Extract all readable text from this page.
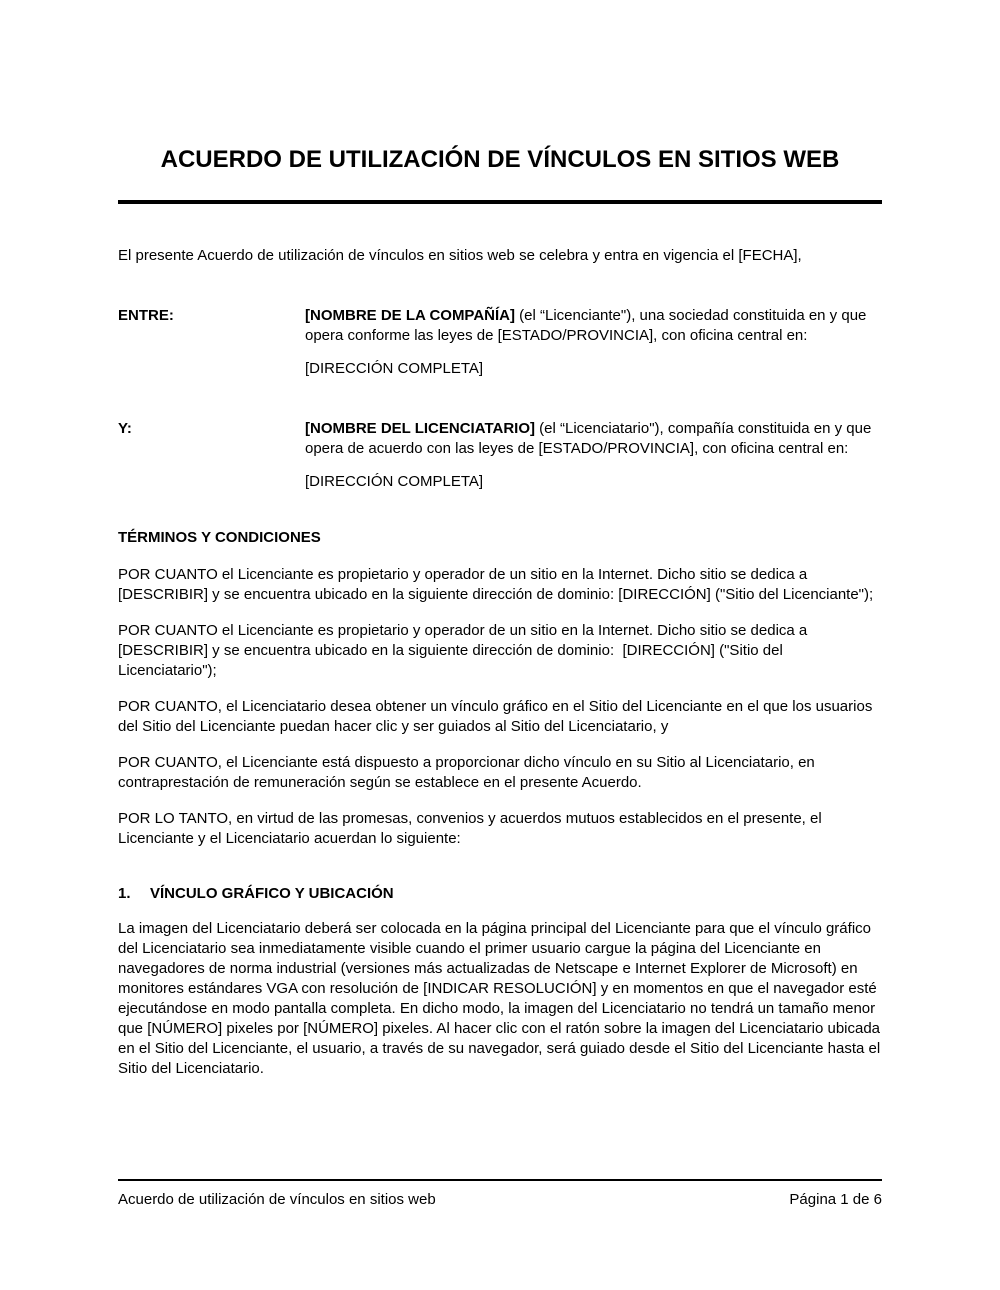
ACUERDO DE UTILIZACIÓN DE VÍNCULOS EN SITIOS WEB

El presente Acuerdo de utilización de vínculos en sitios web se celebra y entra en vigencia el [FECHA],

ENTRE:	[NOMBRE DE LA COMPAÑÍA] (el “Licenciante"), una sociedad constituida en y que opera conforme las leyes de [ESTADO/PROVINCIA], con oficina central en:

[DIRECCIÓN COMPLETA]

Y:	[NOMBRE DEL LICENCIATARIO] (el “Licenciatario"), compañía constituida en y que opera de acuerdo con las leyes de [ESTADO/PROVINCIA], con oficina central en:

[DIRECCIÓN COMPLETA]

TÉRMINOS Y CONDICIONES

POR CUANTO el Licenciante es propietario y operador de un sitio en la Internet. Dicho sitio se dedica a [DESCRIBIR] y se encuentra ubicado en la siguiente dirección de dominio: [DIRECCIÓN] ("Sitio del Licenciante");

POR CUANTO el Licenciante es propietario y operador de un sitio en la Internet. Dicho sitio se dedica a [DESCRIBIR] y se encuentra ubicado en la siguiente dirección de dominio:  [DIRECCIÓN] ("Sitio del Licenciatario");

POR CUANTO, el Licenciatario desea obtener un vínculo gráfico en el Sitio del Licenciante en el que los usuarios del Sitio del Licenciante puedan hacer clic y ser guiados al Sitio del Licenciatario, y

POR CUANTO, el Licenciante está dispuesto a proporcionar dicho vínculo en su Sitio al Licenciatario, en contraprestación de remuneración según se establece en el presente Acuerdo.

POR LO TANTO, en virtud de las promesas, convenios y acuerdos mutuos establecidos en el presente, el Licenciante y el Licenciatario acuerdan lo siguiente:

1.	VÍNCULO GRÁFICO Y UBICACIÓN

La imagen del Licenciatario deberá ser colocada en la página principal del Licenciante para que el vínculo gráfico del Licenciatario sea inmediatamente visible cuando el primer usuario cargue la página del Licenciante en navegadores de norma industrial (versiones más actualizadas de Netscape e Internet Explorer de Microsoft) en monitores estándares VGA con resolución de [INDICAR RESOLUCIÓN] y en momentos en que el navegador esté ejecutándose en modo pantalla completa. En dicho modo, la imagen del Licenciatario no tendrá un tamaño menor que [NÚMERO] pixeles por [NÚMERO] pixeles. Al hacer clic con el ratón sobre la imagen del Licenciatario ubicada en el Sitio del Licenciante, el usuario, a través de su navegador, será guiado desde el Sitio del Licenciante hasta el Sitio del Licenciatario.

Acuerdo de utilización de vínculos en sitios web	Página 1 de 6
